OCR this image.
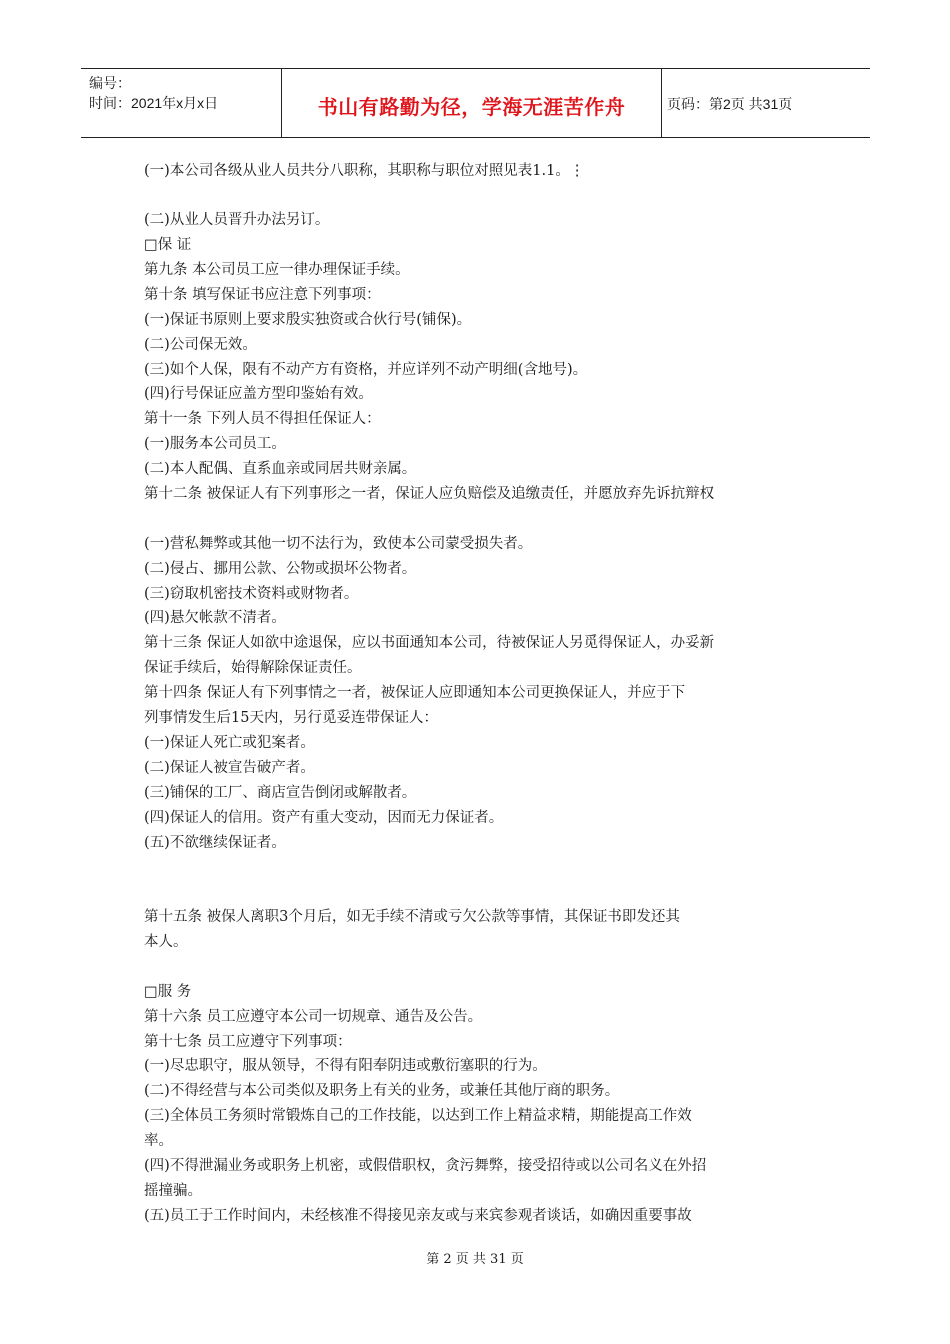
编号：
时间：2021年x月x日	书山有路勤为径，学海无涯苦作舟	页码：第2页 共31页
(一)本公司各级从业人员共分八职称，其职称与职位对照见表1.1。⋮
(二)从业人员晋升办法另订。
□保 证
第九条 本公司员工应一律办理保证手续。
第十条 填写保证书应注意下列事项：
(一)保证书原则上要求殷实独资或合伙行号(铺保)。
(二)公司保无效。
(三)如个人保，限有不动产方有资格，并应详列不动产明细(含地号)。
(四)行号保证应盖方型印鉴始有效。
第十一条 下列人员不得担任保证人：
(一)服务本公司员工。
(二)本人配偶、直系血亲或同居共财亲属。
第十二条 被保证人有下列事形之一者，保证人应负赔偿及追缴责任，并愿放弃先诉抗辩权
(一)营私舞弊或其他一切不法行为，致使本公司蒙受损失者。
(二)侵占、挪用公款、公物或损坏公物者。
(三)窃取机密技术资料或财物者。
(四)悬欠帐款不清者。
第十三条 保证人如欲中途退保，应以书面通知本公司，待被保证人另觅得保证人，办妥新
保证手续后，始得解除保证责任。
第十四条 保证人有下列事情之一者，被保证人应即通知本公司更换保证人，并应于下
列事情发生后15天内，另行觅妥连带保证人：
(一)保证人死亡或犯案者。
(二)保证人被宣告破产者。
(三)铺保的工厂、商店宣告倒闭或解散者。
(四)保证人的信用。资产有重大变动，因而无力保证者。
(五)不欲继续保证者。
第十五条 被保人离职3个月后，如无手续不清或亏欠公款等事情，其保证书即发还其
本人。
□服 务
第十六条 员工应遵守本公司一切规章、通告及公告。
第十七条 员工应遵守下列事项：
(一)尽忠职守，服从领导，不得有阳奉阴违或敷衍塞职的行为。
(二)不得经营与本公司类似及职务上有关的业务，或兼任其他厅商的职务。
(三)全体员工务须时常锻炼自己的工作技能，以达到工作上精益求精，期能提高工作效
率。
(四)不得泄漏业务或职务上机密，或假借职权，贪污舞弊，接受招待或以公司名义在外招
摇撞骗。
(五)员工于工作时间内，未经核准不得接见亲友或与来宾参观者谈话，如确因重要事故
第 2 页 共 31 页
